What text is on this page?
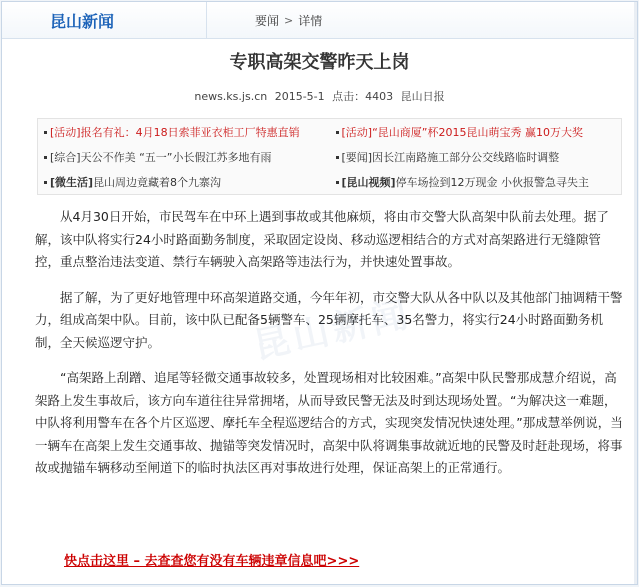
昆山新闻	要闻 > 详情
专职高架交警昨天上岗
news.ks.js.cn 2015-5-1 点击：4403 昆山日报
[活动]报名有礼：4月18日索菲亚衣柜工厂特惠直销	[活动]“昆山商厦”杯2015昆山萌宝秀 赢10万大奖
[综合]天公不作美 “五一”小长假江苏多地有雨	[要闻]因长江南路施工部分公交线路临时调整
[微生活]昆山周边竟藏着8个九寨沟	[昆山视频]停车场捡到12万现金 小伙报警急寻失主

从4月30日开始，市民驾车在中环上遇到事故或其他麻烦，将由市交警大队高架中队前去处理。据了解，该中队将实行24小时路面勤务制度，采取固定设岗、移动巡逻相结合的方式对高架路进行无缝隙管控，重点整治违法变道、禁行车辆驶入高架路等违法行为，并快速处置事故。

据了解，为了更好地管理中环高架道路交通，今年年初，市交警大队从各中队以及其他部门抽调精干警力，组成高架中队。目前，该中队已配备5辆警车、25辆摩托车、35名警力，将实行24小时路面勤务机制，全天候巡逻守护。

“高架路上刮蹭、追尾等轻微交通事故较多，处置现场相对比较困难。”高架中队民警那成慧介绍说，高架路上发生事故后，该方向车道往往异常拥堵，从而导致民警无法及时到达现场处置。“为解决这一难题，中队将利用警车在各个片区巡逻、摩托车全程巡逻结合的方式，实现突发情况快速处理。”那成慧举例说，当一辆车在高架上发生交通事故、抛锚等突发情况时，高架中队将调集事故就近地的民警及时赶赴现场，将事故或抛锚车辆移动至闸道下的临时执法区再对事故进行处理，保证高架上的正常通行。

昆山新闻
快点击这里 – 去查查您有没有车辆违章信息吧>>>
